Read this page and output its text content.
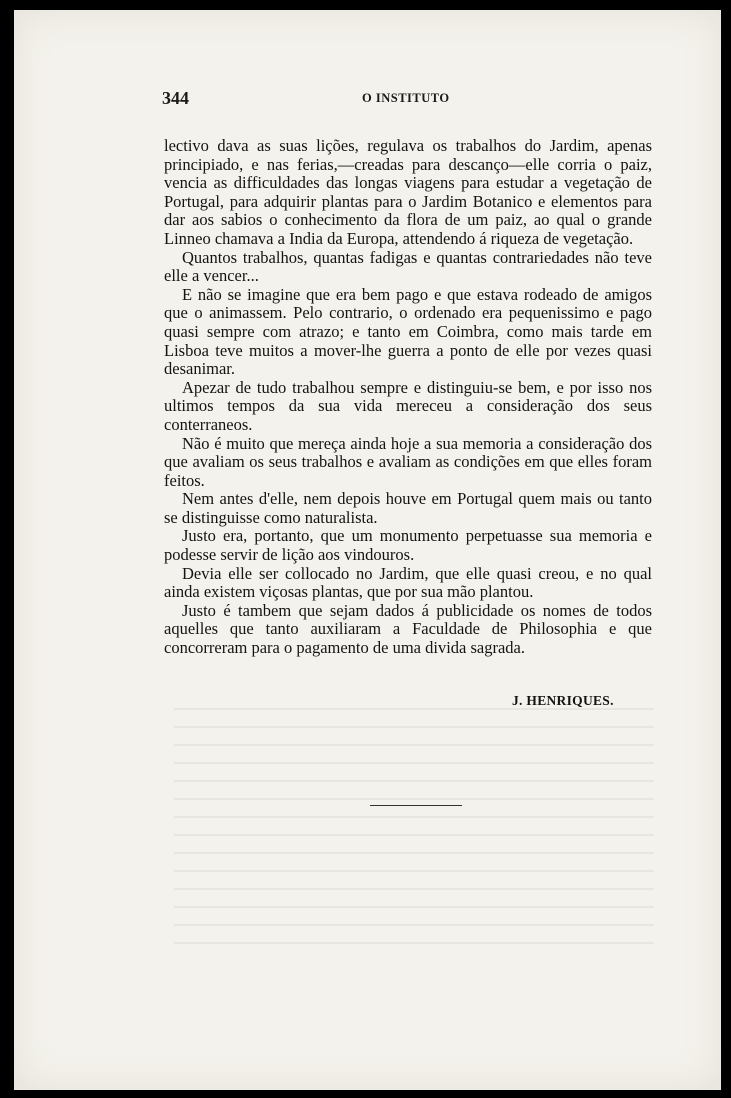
344	O INSTITUTO

lectivo dava as suas lições, regulava os trabalhos do Jardim, apenas principiado, e nas ferias,—creadas para descanço—elle corria o paiz, vencia as difficuldades das longas viagens para estudar a vegetação de Portugal, para adquirir plantas para o Jardim Botanico e elementos para dar aos sabios o conhecimento da flora de um paiz, ao qual o grande Linneo chamava a India da Europa, attendendo á riqueza de vegetação.

Quantos trabalhos, quantas fadigas e quantas contrariedades não teve elle a vencer...

E não se imagine que era bem pago e que estava rodeado de amigos que o animassem. Pelo contrario, o ordenado era pequenissimo e pago quasi sempre com atrazo; e tanto em Coimbra, como mais tarde em Lisboa teve muitos a mover-lhe guerra a ponto de elle por vezes quasi desanimar.

Apezar de tudo trabalhou sempre e distinguiu-se bem, e por isso nos ultimos tempos da sua vida mereceu a consideração dos seus conterraneos.

Não é muito que mereça ainda hoje a sua memoria a consideração dos que avaliam os seus trabalhos e avaliam as condições em que elles foram feitos.

Nem antes d'elle, nem depois houve em Portugal quem mais ou tanto se distinguisse como naturalista.

Justo era, portanto, que um monumento perpetuasse sua memoria e podesse servir de lição aos vindouros.

Devia elle ser collocado no Jardim, que elle quasi creou, e no qual ainda existem viçosas plantas, que por sua mão plantou.

Justo é tambem que sejam dados á publicidade os nomes de todos aquelles que tanto auxiliaram a Faculdade de Philosophia e que concorreram para o pagamento de uma divida sagrada.

J. HENRIQUES.
